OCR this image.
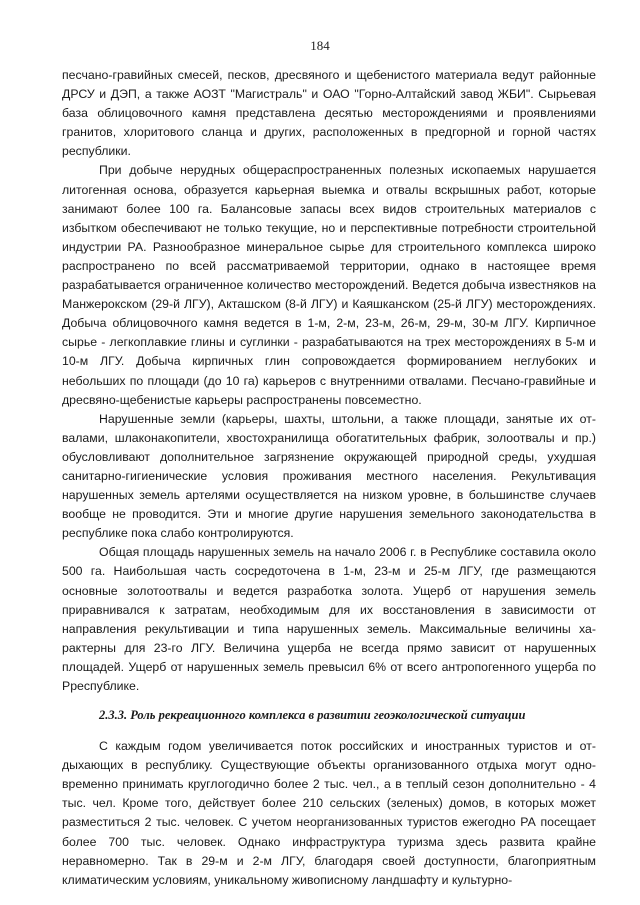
184

песчано-гравийных смесей, песков, дресвяного и щебенистого материала ведут районные ДРСУ и ДЭП, а также АОЗТ "Магистраль" и ОАО "Горно-Алтайский завод ЖБИ". Сырьевая база облицовочного камня представлена десятью месторождениями и проявлениями гранитов, хлоритового сланца и других, расположенных в предгорной и горной частях республики.

При добыче нерудных общераспространенных полезных ископаемых нарушается литогенная основа, образуется карьерная выемка и отвалы вскрышных работ, которые занимают более 100 га. Балансовые запасы всех видов строительных материалов с избытком обеспечивают не только текущие, но и перспективные потребности строительной индустрии РА. Разнообразное минеральное сырье для строительного комплекса широко распространено по всей рассматриваемой территории, однако в настоящее время разрабатывается ограниченное количество месторождений. Ведется добыча известняков на Манжерокском (29-й ЛГУ), Акташском (8-й ЛГУ) и Каяшканском (25-й ЛГУ) месторождениях. Добыча облицовочного камня ведется в 1-м, 2-м, 23-м, 26-м, 29-м, 30-м ЛГУ. Кирпичное сырье - легкоплавкие глины и суглинки - разрабатываются на трех месторождениях в 5-м и 10-м ЛГУ. Добыча кирпичных глин сопровождается формированием неглубоких и небольших по площади (до 10 га) карьеров с внутренними отвалами. Песчано-гравийные и дресвяно-щебенистые карьеры распространены повсеместно.

Нарушенные земли (карьеры, шахты, штольни, а также площади, занятые их отвалами, шлаконакопители, хвостохранилища обогатительных фабрик, золоотвалы и пр.) обусловливают дополнительное загрязнение окружающей природной среды, ухудшая санитарно-гигиенические условия проживания местного населения. Рекультивация нарушенных земель артелями осуществляется на низком уровне, в большинстве случаев вообще не проводится. Эти и многие другие нарушения земельного законодательства в республике пока слабо контролируются.

Общая площадь нарушенных земель на начало 2006 г. в Республике составила около 500 га. Наибольшая часть сосредоточена в 1-м, 23-м и 25-м ЛГУ, где размещаются основные золотоотвалы и ведется разработка золота. Ущерб от нарушения земель приравнивался к затратам, необходимым для их восстановления в зависимости от направления рекультивации и типа нарушенных земель. Максимальные величины характерны для 23-го ЛГУ. Величина ущерба не всегда прямо зависит от нарушенных площадей. Ущерб от нарушенных земель превысил 6% от всего антропогенного ущерба по Рреспублике.

2.3.3. Роль рекреационного комплекса в развитии геоэкологической ситуации

С каждым годом увеличивается поток российских и иностранных туристов и отдыхающих в республику. Существующие объекты организованного отдыха могут одновременно принимать круглогодично более 2 тыс. чел., а в теплый сезон дополнительно - 4 тыс. чел. Кроме того, действует более 210 сельских (зеленых) домов, в которых может разместиться 2 тыс. человек. С учетом неорганизованных туристов ежегодно РА посещает более 700 тыс. человек. Однако инфраструктура туризма здесь развита крайне неравномерно. Так в 29-м и 2-м ЛГУ, благодаря своей доступности, благоприятным климатическим условиям, уникальному живописному ландшафту и культурно-
